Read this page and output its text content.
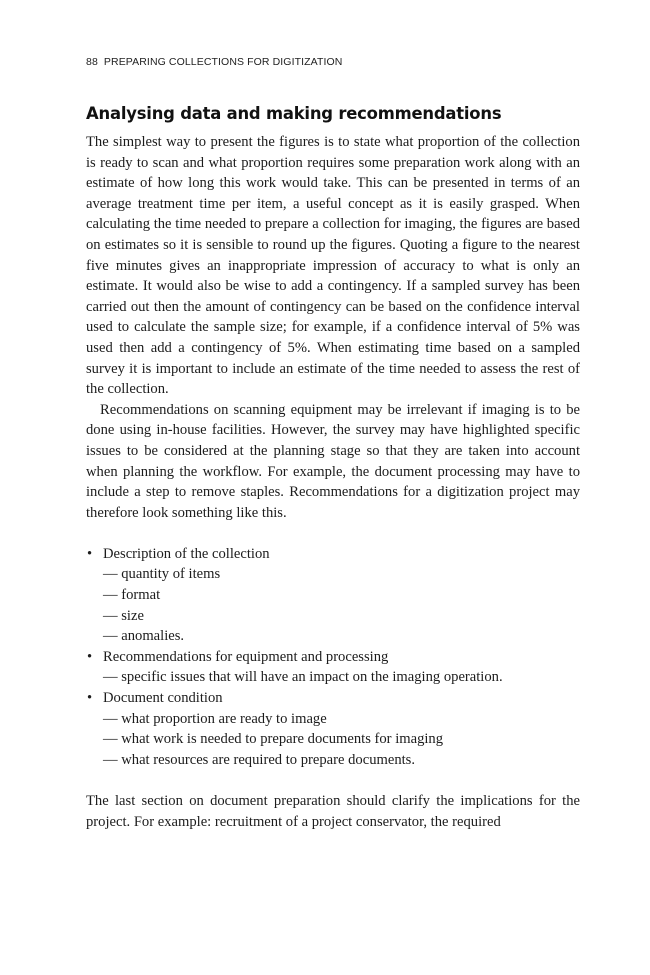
88 PREPARING COLLECTIONS FOR DIGITIZATION
Analysing data and making recommendations

The simplest way to present the figures is to state what proportion of the collection is ready to scan and what proportion requires some preparation work along with an estimate of how long this work would take. This can be presented in terms of an average treatment time per item, a useful concept as it is easily grasped. When calculating the time needed to prepare a collection for imaging, the figures are based on estimates so it is sensible to round up the figures. Quoting a figure to the nearest five minutes gives an inappropriate impression of accuracy to what is only an estimate. It would also be wise to add a contingency. If a sampled survey has been carried out then the amount of contingency can be based on the confidence interval used to calculate the sample size; for example, if a confidence interval of 5% was used then add a contingency of 5%. When estimating time based on a sampled survey it is important to include an estimate of the time needed to assess the rest of the collection.

Recommendations on scanning equipment may be irrelevant if imaging is to be done using in-house facilities. However, the survey may have highlighted specific issues to be considered at the planning stage so that they are taken into account when planning the workflow. For example, the document processing may have to include a step to remove staples. Recommendations for a digitization project may therefore look something like this.

• Description of the collection
— quantity of items
— format
— size
— anomalies.
• Recommendations for equipment and processing
— specific issues that will have an impact on the imaging operation.
• Document condition
— what proportion are ready to image
— what work is needed to prepare documents for imaging
— what resources are required to prepare documents.

The last section on document preparation should clarify the implications for the project. For example: recruitment of a project conservator, the required
